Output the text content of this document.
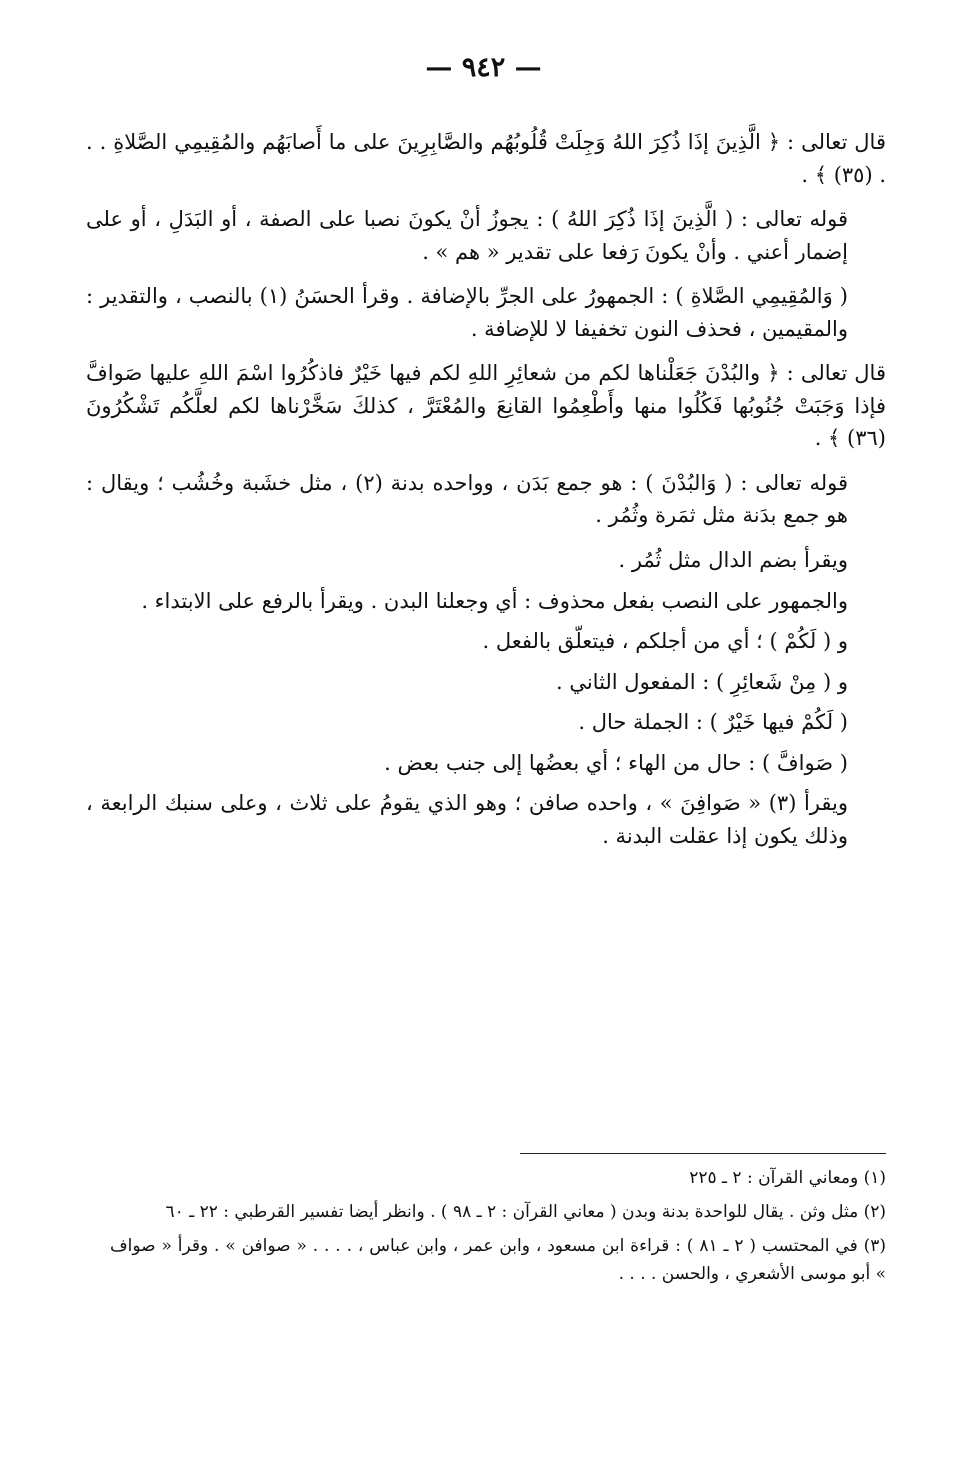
— ٩٤٢ —

قال تعالى : ﴿ الَّذِينَ إذَا ذُكِرَ اللهُ وَجِلَتْ قُلُوبُهُم والصَّابِرِينَ على ما أَصابَهُم والمُقِيمِي الصَّلاةِ . . . (٣٥) ﴾ .

قوله تعالى : ( الَّذِينَ إذَا ذُكِرَ اللهُ ) : يجوزُ أنْ يكونَ نصبا على الصفة ، أو البَدَلِ ، أو على إضمار أعني . وأنْ يكونَ رَفعا على تقدير « هم » .

( وَالمُقِيمِي الصَّلاةِ ) : الجمهورُ على الجرِّ بالإضافة . وقرأ الحسَنُ (١) بالنصب ، والتقدير : والمقيمين ، فحذف النون تخفيفا لا للإضافة .

قال تعالى : ﴿ والبُدْنَ جَعَلْناها لكم من شعائِرِ اللهِ لكم فيها خَيْرٌ فاذكُرُوا اسْمَ اللهِ عليها صَوافَّ فإذا وَجَبَتْ جُنُوبُها فَكُلُوا منها وأَطْعِمُوا القانِعَ والمُعْتَرَّ ، كذلكَ سَخَّرْناها لكم لعلَّكُم تَشْكُرُونَ (٣٦) ﴾ .

قوله تعالى : ( وَالبُدْنَ ) : هو جمع بَدَن ، وواحده بدنة (٢) ، مثل خشَبة وخُشُب ؛ ويقال : هو جمع بدَنة مثل ثمَرة وثُمُر .

ويقرأ بضم الدال مثل ثُمُر .

والجمهور على النصب بفعل محذوف : أي وجعلنا البدن . ويقرأ بالرفع على الابتداء .

و ( لَكُمْ ) ؛ أي من أجلكم ، فيتعلّق بالفعل .

و ( مِنْ شَعائِرِ ) : المفعول الثاني .

( لَكُمْ فيها خَيْرٌ ) : الجملة حال .

( صَوافَّ ) : حال من الهاء ؛ أي بعضُها إلى جنب بعض .

ويقرأ (٣) « صَوافِنَ » ، واحده صافن ؛ وهو الذي يقومُ على ثلاث ، وعلى سنبك الرابعة ، وذلك يكون إذا عقلت البدنة .

(١) ومعاني القرآن : ٢ ـ ٢٢٥

(٢) مثل وثن . يقال للواحدة بدنة وبدن ( معاني القرآن : ٢ ـ ٩٨ ) . وانظر أيضا تفسير القرطبي : ٢٢ ـ ٦٠

(٣) في المحتسب ( ٢ ـ ٨١ ) : قراءة ابن مسعود ، وابن عمر ، وابن عباس ، . . . . « صوافن » . وقرأ « صواف » أبو موسى الأشعري ، والحسن . . . .
